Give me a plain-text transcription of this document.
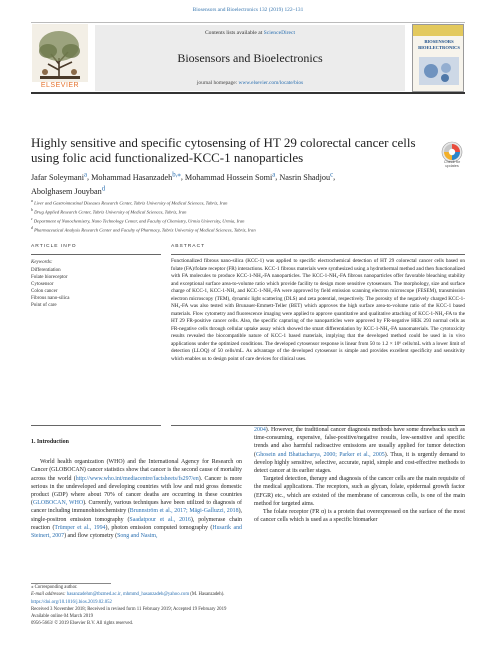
Biosensors and Bioelectronics 132 (2019) 122–131
ELSEVIER
Contents lists available at ScienceDirect
Biosensors and Bioelectronics
journal homepage: www.elsevier.com/locate/bios
BIOSENSORS BIOELECTRONICS
Highly sensitive and specific cytosensing of HT 29 colorectal cancer cells using folic acid functionalized-KCC-1 nanoparticles	Check for updates
Jafar Soleymani$^a$, Mohammad Hasanzadeh$^{b,⁎}$, Mohammad Hossein Somi$^a$, Nasrin Shadjou$^c$,
Abolghasem Jouyban$^d$
$^a$ Liver and Gastrointestinal Diseases Research Center, Tabriz University of Medical Sciences, Tabriz, Iran
$^b$ Drug Applied Research Center, Tabriz University of Medical Sciences, Tabriz, Iran
$^c$ Department of Nanochemistry, Nano Technology Center, and Faculty of Chemistry, Urmia University, Urmia, Iran
$^d$ Pharmaceutical Analysis Research Center and Faculty of Pharmacy, Tabriz University of Medical Sciences, Tabriz, Iran
ARTICLE INFO	ABSTRACT
Keywords:
Differentiation
Folate bioreceptor
Cytosensor
Colon cancer
Fibrous nano-silica
Point of care
Functionalized fibrous nano-silica (KCC-1) was applied to specific electrochemical detection of HT 29 colorectal cancer cells based on folate (FA)/folate receptor (FR) interactions. KCC-1 fibrous materials were synthesized using a hydrothermal method and then functionalized with FA molecules to produce KCC-1-NH₂-FA nanoparticles. The KCC-1-NH₂-FA fibrous nanoparticles offer favorable bleaching stability and exceptional surface area-to-volume ratio which provide facility to design more sensitive cytosensors. The morphology, size and surface charge of KCC-1, KCC-1-NH₂ and KCC-1-NH₂-FA were approved by field emission scanning electron microscope (FESEM), transmission electron microscopy (TEM), dynamic light scattering (DLS) and zeta potential, respectively. The porosity of the negatively charged KCC-1-NH₂-FA was also tested with Brunauer-Emmett-Teller (BET) which approves the high surface area-to-volume ratio of the KCC-1 based materials. Flow cytometry and fluorescence imaging were applied to approve quantitative and qualitative attaching of KCC-1-NH₂-FA to the HT 29 FR-positive cancer cells. Also, the specific capturing of the nanoparticles were approved by FR-negative HEK 293 normal cells as FR-negative cells through cellular uptake assay which showed the smart differentiation by KCC-1-NH₂-FA nanomaterials. The cytotoxicity results revealed the biocompatible nature of KCC-1 based materials, implying that the developed method could be used in in vivo applications under the optimized conditions. The developed cytosensor response is linear from 50 to 1.2 × 10⁶ cells/mL with a lower limit of detection (LLOQ) of 50 cells/mL. As advantage of the developed cytosensor is simple and provides excellent specificity and sensitivity which enables us to design point of care devices for clinical uses.

1. Introduction

World health organization (WHO) and the International Agency for Research on Cancer (GLOBOCAN) cancer statistics show that cancer is the second cause of mortality across the world (http://www.who.int/mediacentre/factsheets/fs297/en). Cancer is more serious in the undeveloped and developing countries with low and mid gross domestic product (GDP) where about 70% of cancer deaths are occurring in these countries (GLOBOCAN, WHO). Currently, various techniques have been utilized to diagnosis of cancer including immunohistochemistry (Brunnström et al., 2017; Mägi-Galluzzi, 2018), single-positron emission tomography (Saadatpour et al., 2016), polymerase chain reaction (Trümper et al., 1994), photon emission computed tomography (Husarik and Steinert, 2007) and flow cytometry (Song and Nasim,

2004). However, the traditional cancer diagnosis methods have some drawbacks such as time-consuming, expensive, false-positive/negative results, low-sensitive and specific trends and also harmful radioactive emissions are usually applied for tumor detection (Ghosein and Bhattacharya, 2000; Parker et al., 2005). Thus, it is urgently demand to develop highly sensitive, selective, accurate, rapid, simple and cost-effective methods to detect cancer at its earlier stages.

Targeted detection, therapy and diagnosis of the cancer cells are the main requisite of the medical applications. The receptors, such as glycan, folate, epidermal growth factor (EFGR) etc., which are existed of the membrane of cancerous cells, is one of the main method for targeted aims.

The folate receptor (FR α) is a protein that overexpressed on the surface of the most of cancer cells which is used as a specific biomarker

⁎ Corresponding author.
E-mail addresses: hasanzadehm@tbzmed.ac.ir, mhmmd_hasanzadeh@yahoo.com (M. Hasanzadeh).
https://doi.org/10.1016/j.bios.2019.02.052
Received 3 November 2018; Received in revised form 11 February 2019; Accepted 19 February 2019
Available online 04 March 2019
0956-5663/ © 2019 Elsevier B.V. All rights reserved.
